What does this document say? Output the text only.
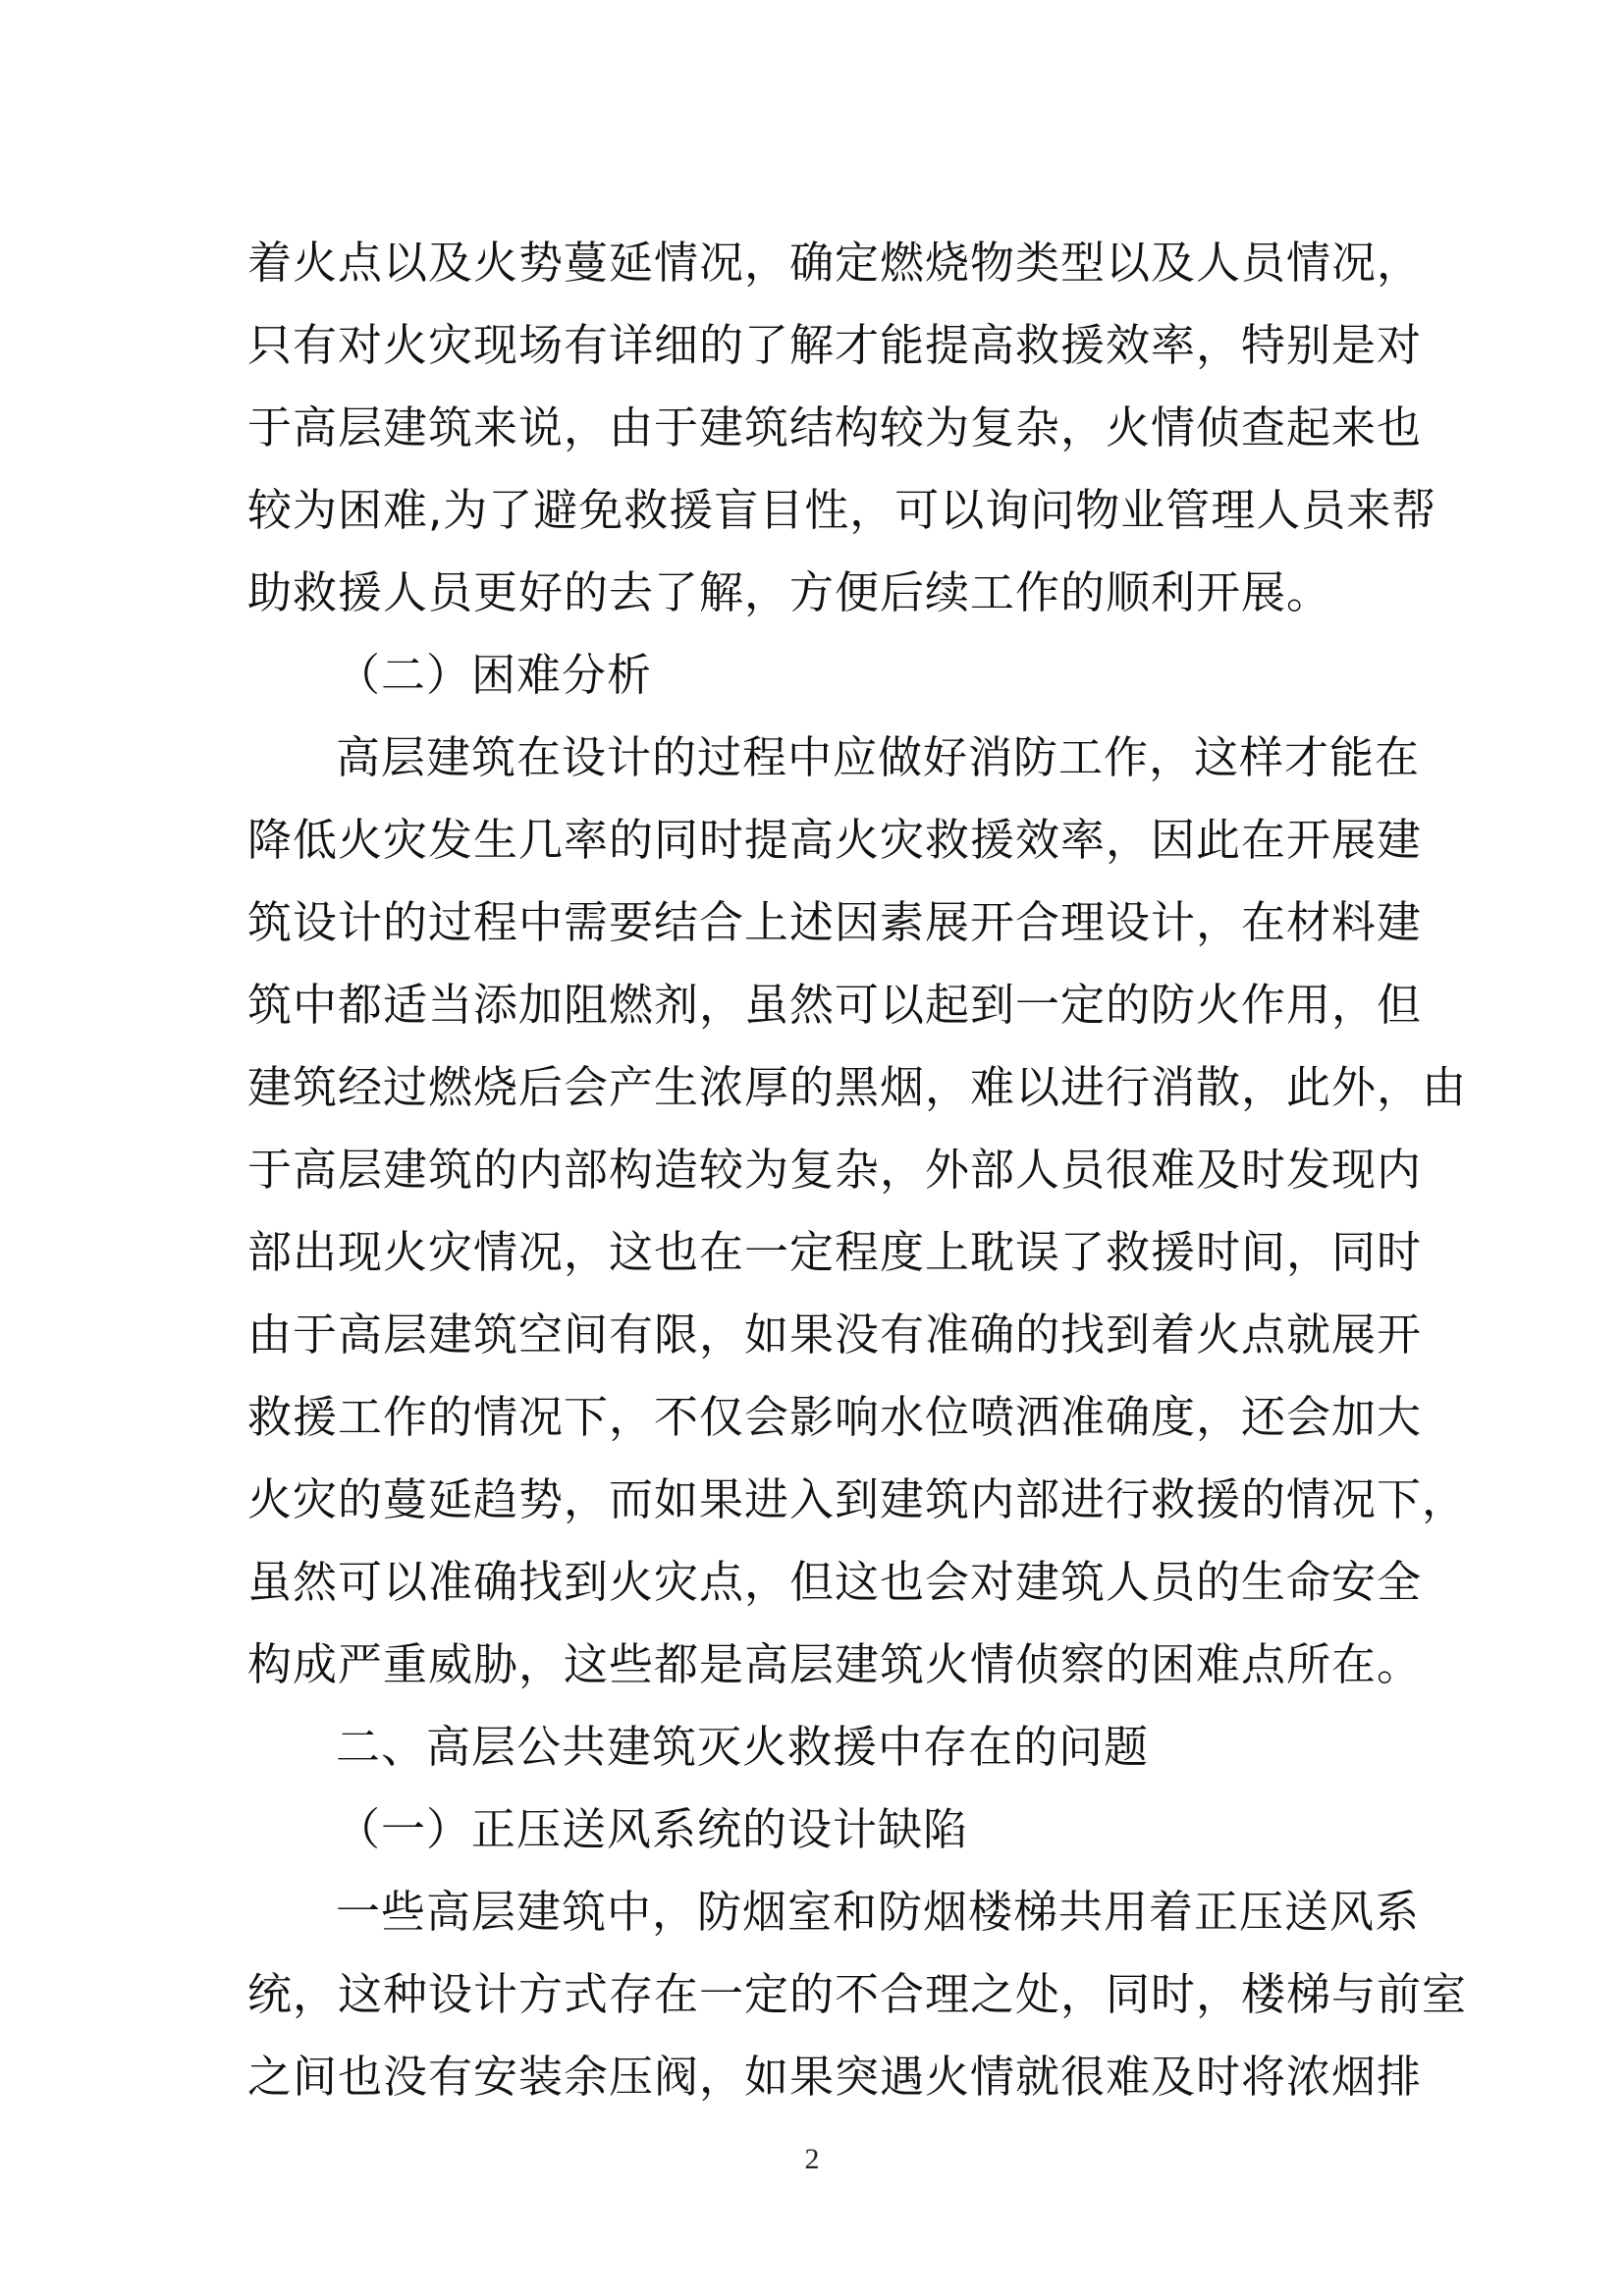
着火点以及火势蔓延情况，确定燃烧物类型以及人员情况，
只有对火灾现场有详细的了解才能提高救援效率，特别是对
于高层建筑来说，由于建筑结构较为复杂，火情侦查起来也
较为困难,为了避免救援盲目性，可以询问物业管理人员来帮
助救援人员更好的去了解，方便后续工作的顺利开展。
（二）困难分析
高层建筑在设计的过程中应做好消防工作，这样才能在
降低火灾发生几率的同时提高火灾救援效率，因此在开展建
筑设计的过程中需要结合上述因素展开合理设计，在材料建
筑中都适当添加阻燃剂，虽然可以起到一定的防火作用，但
建筑经过燃烧后会产生浓厚的黑烟，难以进行消散，此外，由
于高层建筑的内部构造较为复杂，外部人员很难及时发现内
部出现火灾情况，这也在一定程度上耽误了救援时间，同时
由于高层建筑空间有限，如果没有准确的找到着火点就展开
救援工作的情况下，不仅会影响水位喷洒准确度，还会加大
火灾的蔓延趋势，而如果进入到建筑内部进行救援的情况下，
虽然可以准确找到火灾点，但这也会对建筑人员的生命安全
构成严重威胁，这些都是高层建筑火情侦察的困难点所在。
二、高层公共建筑灭火救援中存在的问题
（一）正压送风系统的设计缺陷
一些高层建筑中，防烟室和防烟楼梯共用着正压送风系
统，这种设计方式存在一定的不合理之处，同时，楼梯与前室
之间也没有安装余压阀，如果突遇火情就很难及时将浓烟排
2
